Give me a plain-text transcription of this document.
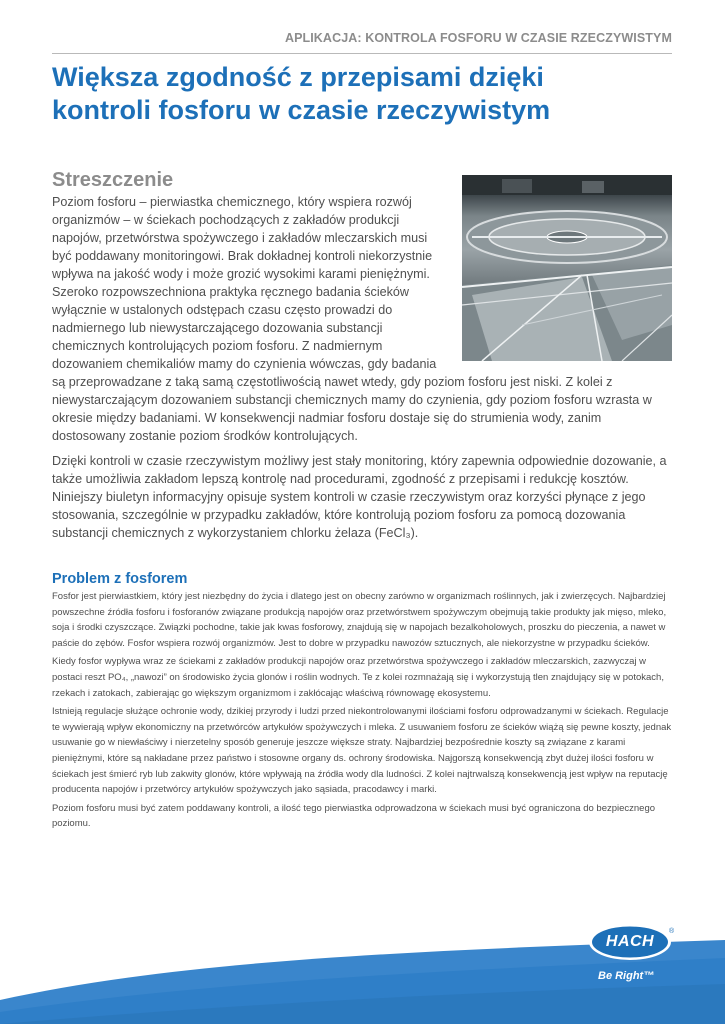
APLIKACJA: KONTROLA FOSFORU W CZASIE RZECZYWISTYM
Większa zgodność z przepisami dzięki
kontroli fosforu w czasie rzeczywistym
Streszczenie

Poziom fosforu – pierwiastka chemicznego, który wspiera rozwój organizmów – w ściekach pochodzących z zakładów produkcji napojów, przetwórstwa spożywczego i zakładów mleczarskich musi być poddawany monitoringowi. Brak dokładnej kontroli niekorzystnie wpływa na jakość wody i może grozić wysokimi karami pieniężnymi. Szeroko rozpowszechniona praktyka ręcznego badania ścieków wyłącznie w ustalonych odstępach czasu często prowadzi do nadmiernego lub niewystarczającego dozowania substancji chemicznych kontrolujących poziom fosforu. Z nadmiernym dozowaniem chemikaliów mamy do czynienia wówczas, gdy badania są przeprowadzane z taką samą częstotliwością nawet wtedy, gdy poziom fosforu jest niski. Z kolei z niewystarczającym dozowaniem substancji chemicznych mamy do czynienia, gdy poziom fosforu wzrasta w okresie między badaniami. W konsekwencji nadmiar fosforu dostaje się do strumienia wody, zanim dostosowany zostanie poziom środków kontrolujących.

Dzięki kontroli w czasie rzeczywistym możliwy jest stały monitoring, który zapewnia odpowiednie dozowanie, a także umożliwia zakładom lepszą kontrolę nad procedurami, zgodność z przepisami i redukcję kosztów. Niniejszy biuletyn informacyjny opisuje system kontroli w czasie rzeczywistym oraz korzyści płynące z jego stosowania, szczególnie w przypadku zakładów, które kontrolują poziom fosforu za pomocą dozowania substancji chemicznych z wykorzystaniem chlorku żelaza (FeCl₃).

Problem z fosforem

Fosfor jest pierwiastkiem, który jest niezbędny do życia i dlatego jest on obecny zarówno w organizmach roślinnych, jak i zwierzęcych. Najbardziej powszechne źródła fosforu i fosforanów związane produkcją napojów oraz przetwórstwem spożywczym obejmują takie produkty jak mięso, mleko, soja i środki czyszczące. Związki pochodne, takie jak kwas fosforowy, znajdują się w napojach bezalkoholowych, proszku do pieczenia, a nawet w paście do zębów. Fosfor wspiera rozwój organizmów. Jest to dobre w przypadku nawozów sztucznych, ale niekorzystne w przypadku ścieków.

Kiedy fosfor wypływa wraz ze ściekami z zakładów produkcji napojów oraz przetwórstwa spożywczego i zakładów mleczarskich, zazwyczaj w postaci reszt PO₄, „nawozi” on środowisko życia glonów i roślin wodnych. Te z kolei rozmnażają się i wykorzystują tlen znajdujący się w potokach, rzekach i zatokach, zabierając go większym organizmom i zakłócając właściwą równowagę ekosystemu.

Istnieją regulacje służące ochronie wody, dzikiej przyrody i ludzi przed niekontrolowanymi ilościami fosforu odprowadzanymi w ściekach. Regulacje te wywierają wpływ ekonomiczny na przetwórców artykułów spożywczych i mleka. Z usuwaniem fosforu ze ścieków wiążą się pewne koszty, jednak usuwanie go w niewłaściwy i nierzetelny sposób generuje jeszcze większe straty. Najbardziej bezpośrednie koszty są związane z karami pieniężnymi, które są nakładane przez państwo i stosowne organy ds. ochrony środowiska. Najgorszą konsekwencją zbyt dużej ilości fosforu w ściekach jest śmierć ryb lub zakwity glonów, które wpływają na źródła wody dla ludności. Z kolei najtrwalszą konsekwencją jest wpływ na reputację producenta napojów i przetwórcy artykułów spożywczych jako sąsiada, pracodawcy i marki.

Poziom fosforu musi być zatem poddawany kontroli, a ilość tego pierwiastka odprowadzona w ściekach musi być ograniczona do bezpiecznego poziomu.

HACH
®
Be Right™
